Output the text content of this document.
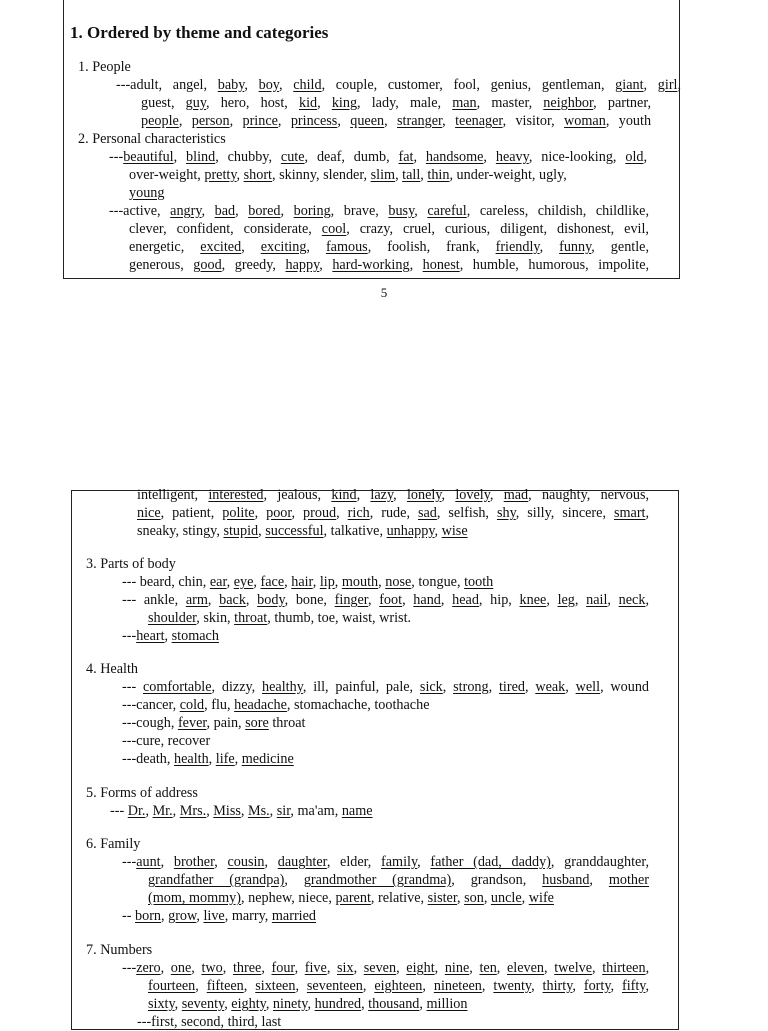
1. Ordered by theme and categories
1. People
---adult, angel, baby, boy, child, couple, customer, fool, genius, gentleman, giant, girl,
guest, guy, hero, host, kid, king, lady, male, man, master, neighbor, partner,
people, person, prince, princess, queen, stranger, teenager, visitor, woman, youth
2. Personal characteristics
---beautiful, blind, chubby, cute, deaf, dumb, fat, handsome, heavy, nice-looking, old,
over-weight, pretty, short, skinny, slender, slim, tall, thin, under-weight, ugly,
young
---active, angry, bad, bored, boring, brave, busy, careful, careless, childish, childlike,
clever, confident, considerate, cool, crazy, cruel, curious, diligent, dishonest, evil,
energetic, excited, exciting, famous, foolish, frank, friendly, funny, gentle,
generous, good, greedy, happy, hard-working, honest, humble, humorous, impolite,
5
intelligent, interested, jealous, kind, lazy, lonely, lovely, mad, naughty, nervous,
nice, patient, polite, poor, proud, rich, rude, sad, selfish, shy, silly, sincere, smart,
sneaky, stingy, stupid, successful, talkative, unhappy, wise
3. Parts of body
--- beard, chin, ear, eye, face, hair, lip, mouth, nose, tongue, tooth
--- ankle, arm, back, body, bone, finger, foot, hand, head, hip, knee, leg, nail, neck,
shoulder, skin, throat, thumb, toe, waist, wrist.
---heart, stomach
4. Health
--- comfortable, dizzy, healthy, ill, painful, pale, sick, strong, tired, weak, well, wound
---cancer, cold, flu, headache, stomachache, toothache
---cough, fever, pain, sore throat
---cure, recover
---death, health, life, medicine
5. Forms of address
--- Dr., Mr., Mrs., Miss, Ms., sir, ma'am, name
6. Family
---aunt, brother, cousin, daughter, elder, family, father (dad, daddy), granddaughter,
grandfather (grandpa), grandmother (grandma), grandson, husband, mother
(mom, mommy), nephew, niece, parent, relative, sister, son, uncle, wife
-- born, grow, live, marry, married
7. Numbers
---zero, one, two, three, four, five, six, seven, eight, nine, ten, eleven, twelve, thirteen,
fourteen, fifteen, sixteen, seventeen, eighteen, nineteen, twenty, thirty, forty, fifty,
sixty, seventy, eighty, ninety, hundred, thousand, million
---first, second, third, last
